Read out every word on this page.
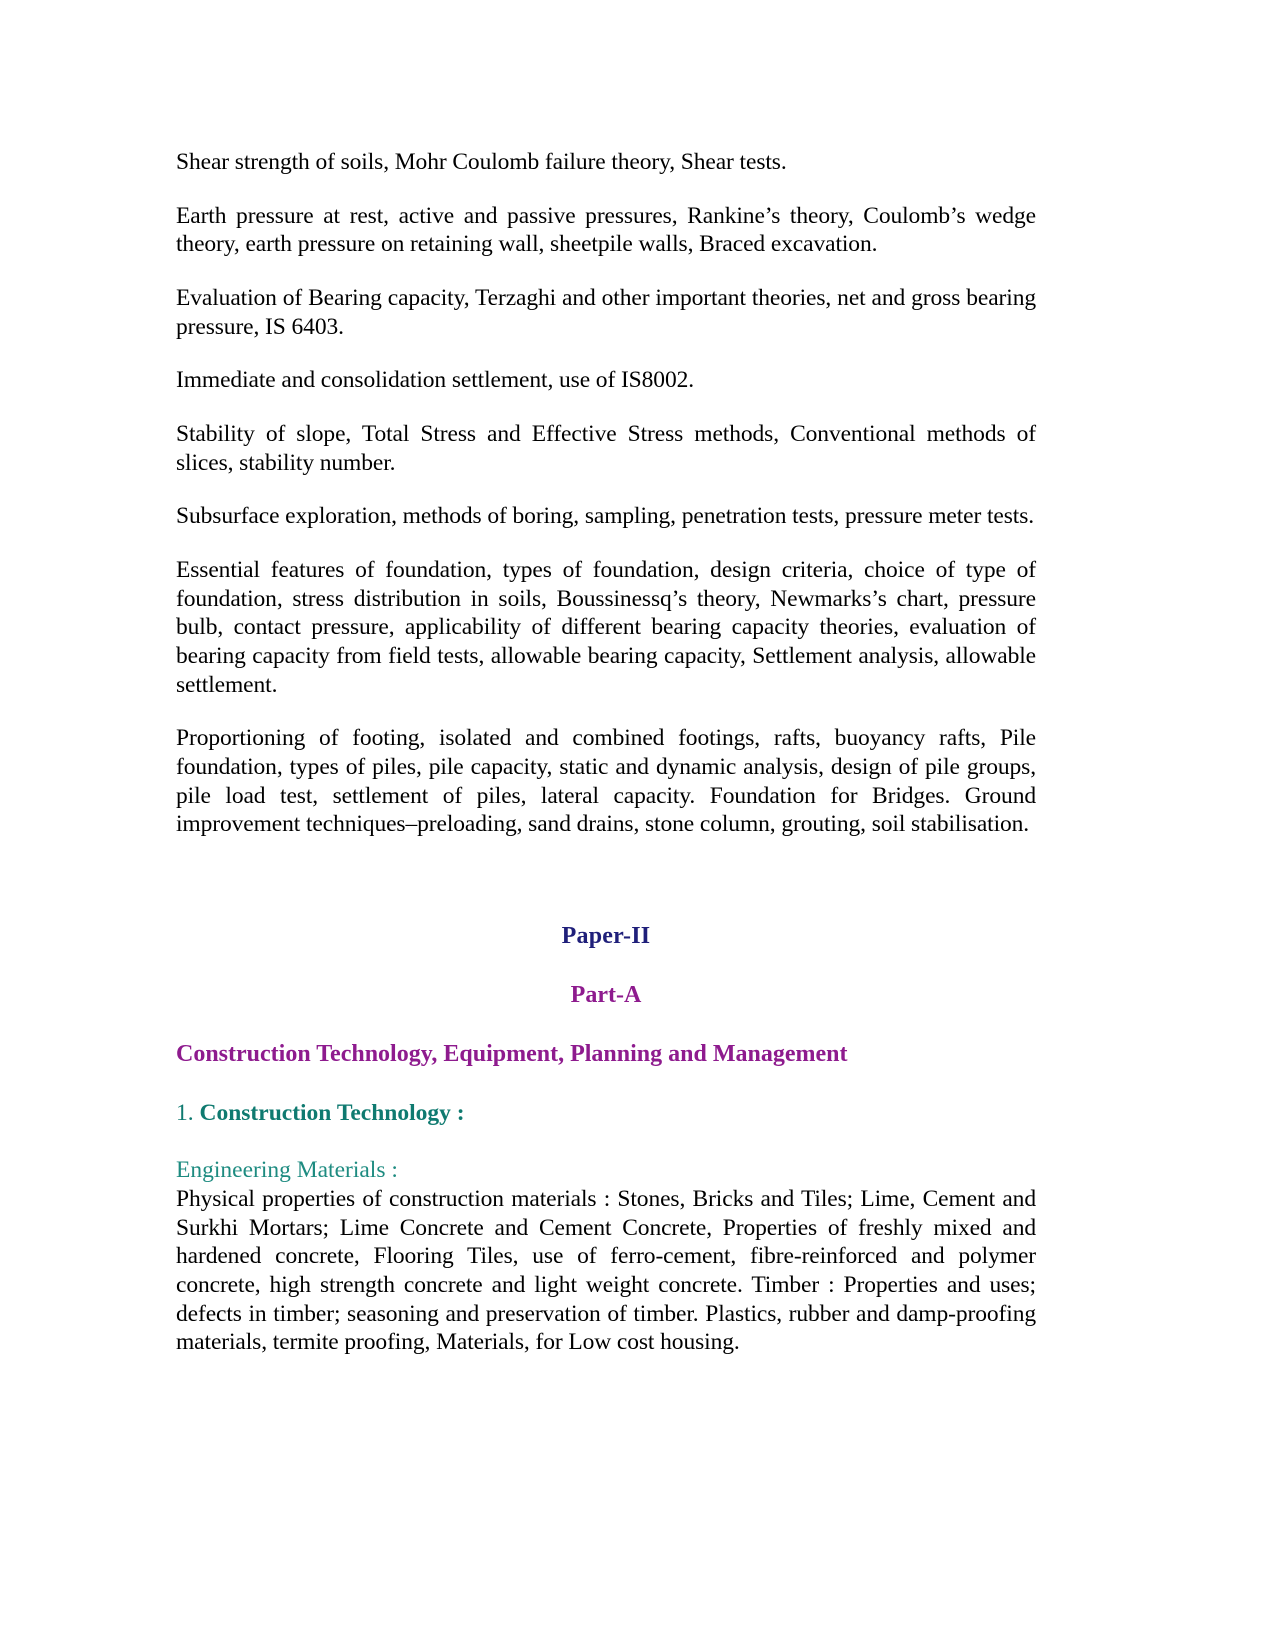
Shear strength of soils, Mohr Coulomb failure theory, Shear tests.

Earth pressure at rest, active and passive pressures, Rankine’s theory, Coulomb’s wedge theory, earth pressure on retaining wall, sheetpile walls, Braced excavation.

Evaluation of Bearing capacity, Terzaghi and other important theories, net and gross bearing pressure, IS 6403.

Immediate and consolidation settlement, use of IS8002.

Stability of slope, Total Stress and Effective Stress methods, Conventional methods of slices, stability number.

Subsurface exploration, methods of boring, sampling, penetration tests, pressure meter tests.

Essential features of foundation, types of foundation, design criteria, choice of type of foundation, stress distribution in soils, Boussinessq’s theory, Newmarks’s chart, pressure bulb, contact pressure, applicability of different bearing capacity theories, evaluation of bearing capacity from field tests, allowable bearing capacity, Settlement analysis, allowable settlement.

Proportioning of footing, isolated and combined footings, rafts, buoyancy rafts, Pile foundation, types of piles, pile capacity, static and dynamic analysis, design of pile groups, pile load test, settlement of piles, lateral capacity. Foundation for Bridges. Ground improvement techniques–preloading, sand drains, stone column, grouting, soil stabilisation.

Paper-II
Part-A
Construction Technology, Equipment, Planning and Management
1. Construction Technology :
Engineering Materials :

Physical properties of construction materials : Stones, Bricks and Tiles; Lime, Cement and Surkhi Mortars; Lime Concrete and Cement Concrete, Properties of freshly mixed and hardened concrete, Flooring Tiles, use of ferro-cement, fibre-reinforced and polymer concrete, high strength concrete and light weight concrete. Timber : Properties and uses; defects in timber; seasoning and preservation of timber. Plastics, rubber and damp-proofing materials, termite proofing, Materials, for Low cost housing.
